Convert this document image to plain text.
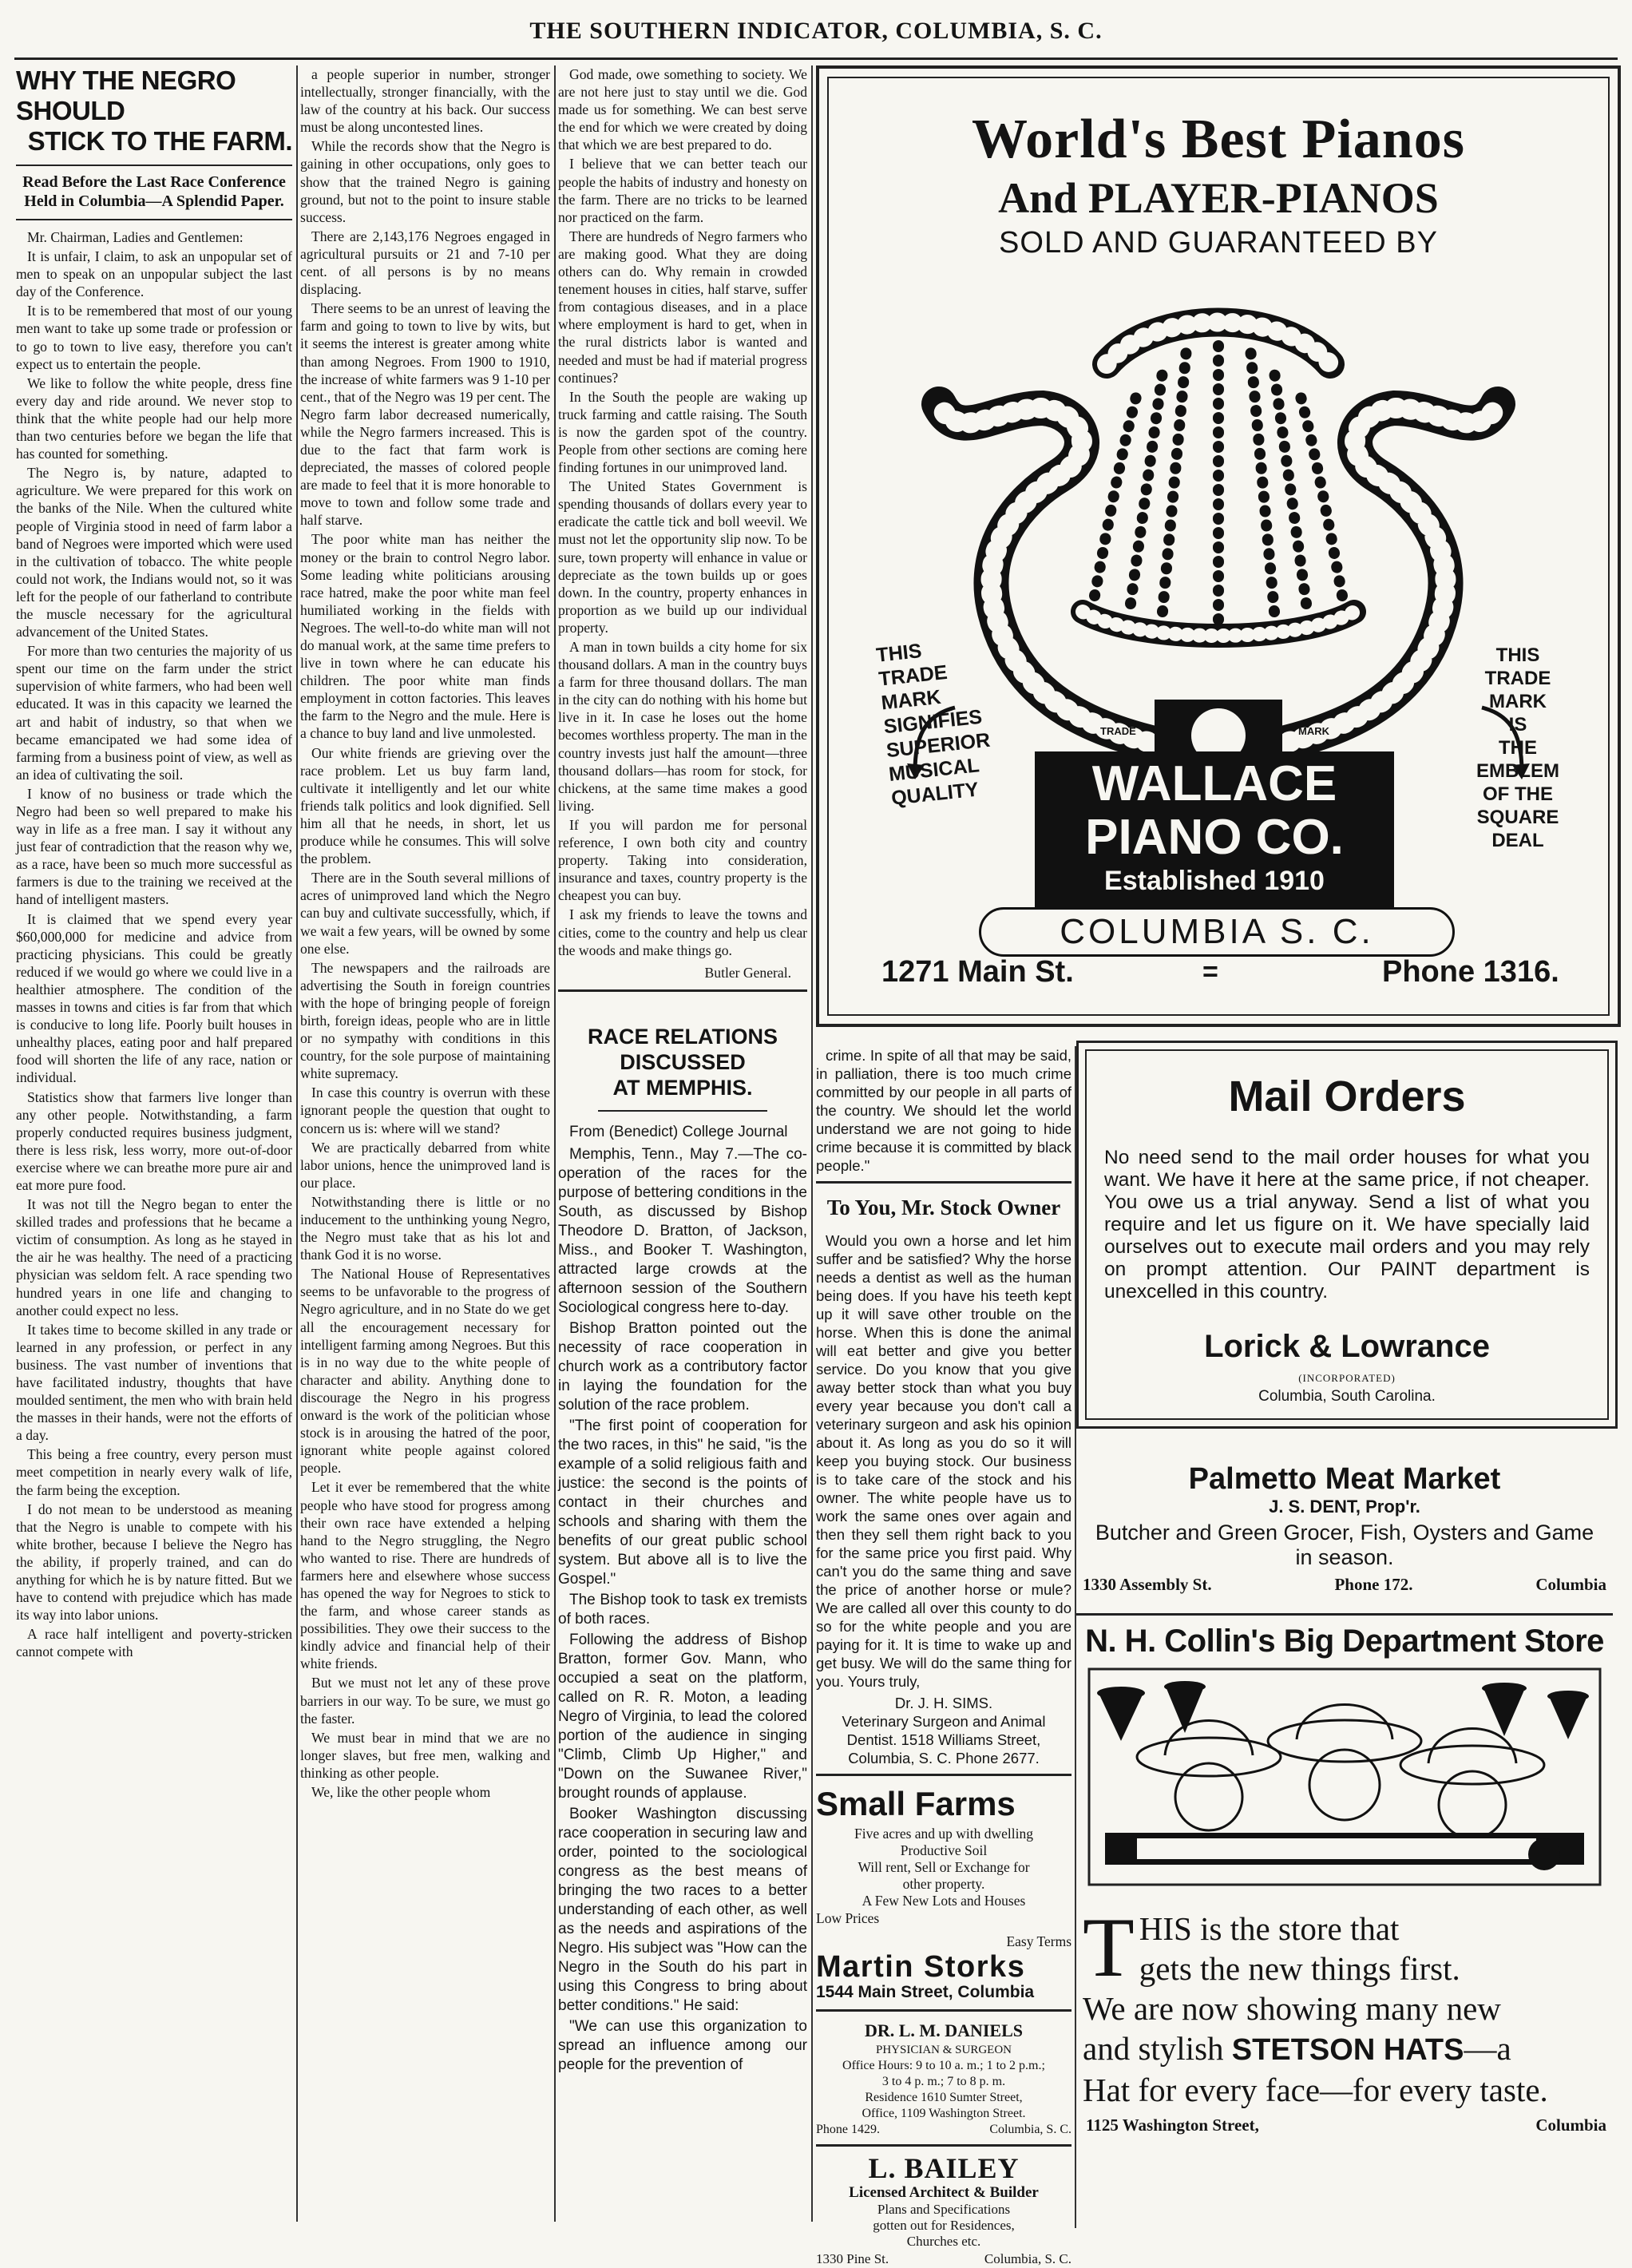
THE SOUTHERN INDICATOR, COLUMBIA, S. C.
WHY THE NEGRO SHOULD
STICK TO THE FARM.
Read Before the Last Race Conference Held in Columbia—A Splendid Paper.

Mr. Chairman, Ladies and Gentlemen:

It is unfair, I claim, to ask an unpopular set of men to speak on an unpopular subject the last day of the Conference.

It is to be remembered that most of our young men want to take up some trade or profession or to go to town to live easy, therefore you can't expect us to entertain the people.

We like to follow the white people, dress fine every day and ride around. We never stop to think that the white people had our help more than two centuries before we began the life that has counted for something.

The Negro is, by nature, adapted to agriculture. We were prepared for this work on the banks of the Nile. When the cultured white people of Virginia stood in need of farm labor a band of Negroes were imported which were used in the cultivation of tobacco. The white people could not work, the Indians would not, so it was left for the people of our fatherland to contribute the muscle necessary for the agricultural advancement of the United States.

For more than two centuries the majority of us spent our time on the farm under the strict supervision of white farmers, who had been well educated. It was in this capacity we learned the art and habit of industry, so that when we became emancipated we had some idea of farming from a business point of view, as well as an idea of cultivating the soil.

I know of no business or trade which the Negro had been so well prepared to make his way in life as a free man. I say it without any just fear of contradiction that the reason why we, as a race, have been so much more successful as farmers is due to the training we received at the hand of intelligent masters.

It is claimed that we spend every year $60,000,000 for medicine and advice from practicing physicians. This could be greatly reduced if we would go where we could live in a healthier atmosphere. The condition of the masses in towns and cities is far from that which is conducive to long life. Poorly built houses in unhealthy places, eating poor and half prepared food will shorten the life of any race, nation or individual.

Statistics show that farmers live longer than any other people. Notwithstanding, a farm properly conducted requires business judgment, there is less risk, less worry, more out-of-door exercise where we can breathe more pure air and eat more pure food.

It was not till the Negro began to enter the skilled trades and professions that he became a victim of consumption. As long as he stayed in the air he was healthy. The need of a practicing physician was seldom felt. A race spending two hundred years in one life and changing to another could expect no less.

It takes time to become skilled in any trade or learned in any profession, or perfect in any business. The vast number of inventions that have facilitated industry, thoughts that have moulded sentiment, the men who with brain held the masses in their hands, were not the efforts of a day.

This being a free country, every person must meet competition in nearly every walk of life, the farm being the exception.

I do not mean to be understood as meaning that the Negro is unable to compete with his white brother, because I believe the Negro has the ability, if properly trained, and can do anything for which he is by nature fitted. But we have to contend with prejudice which has made its way into labor unions.

A race half intelligent and poverty-stricken cannot compete with

a people superior in number, stronger intellectually, stronger financially, with the law of the country at his back. Our success must be along uncontested lines.

While the records show that the Negro is gaining in other occupations, only goes to show that the trained Negro is gaining ground, but not to the point to insure stable success.

There are 2,143,176 Negroes engaged in agricultural pursuits or 21 and 7-10 per cent. of all persons is by no means displacing.

There seems to be an unrest of leaving the farm and going to town to live by wits, but it seems the interest is greater among white than among Negroes. From 1900 to 1910, the increase of white farmers was 9 1-10 per cent., that of the Negro was 19 per cent. The Negro farm labor decreased numerically, while the Negro farmers increased. This is due to the fact that farm work is depreciated, the masses of colored people are made to feel that it is more honorable to move to town and follow some trade and half starve.

The poor white man has neither the money or the brain to control Negro labor. Some leading white politicians arousing race hatred, make the poor white man feel humiliated working in the fields with Negroes. The well-to-do white man will not do manual work, at the same time prefers to live in town where he can educate his children. The poor white man finds employment in cotton factories. This leaves the farm to the Negro and the mule. Here is a chance to buy land and live unmolested.

Our white friends are grieving over the race problem. Let us buy farm land, cultivate it intelligently and let our white friends talk politics and look dignified. Sell him all that he needs, in short, let us produce while he consumes. This will solve the problem.

There are in the South several millions of acres of unimproved land which the Negro can buy and cultivate successfully, which, if we wait a few years, will be owned by some one else.

The newspapers and the railroads are advertising the South in foreign countries with the hope of bringing people of foreign birth, foreign ideas, people who are in little or no sympathy with conditions in this country, for the sole purpose of maintaining white supremacy.

In case this country is overrun with these ignorant people the question that ought to concern us is: where will we stand?

We are practically debarred from white labor unions, hence the unimproved land is our place.

Notwithstanding there is little or no inducement to the unthinking young Negro, the Negro must take that as his lot and thank God it is no worse.

The National House of Representatives seems to be unfavorable to the progress of Negro agriculture, and in no State do we get all the encouragement necessary for intelligent farming among Negroes. But this is in no way due to the white people of character and ability. Anything done to discourage the Negro in his progress onward is the work of the politician whose stock is in arousing the hatred of the poor, ignorant white people against colored people.

Let it ever be remembered that the white people who have stood for progress among their own race have extended a helping hand to the Negro struggling, the Negro who wanted to rise. There are hundreds of farmers here and elsewhere whose success has opened the way for Negroes to stick to the farm, and whose career stands as possibilities. They owe their success to the kindly advice and financial help of their white friends.

But we must not let any of these prove barriers in our way. To be sure, we must go the faster.

We must bear in mind that we are no longer slaves, but free men, walking and thinking as other people.

We, like the other people whom

God made, owe something to society. We are not here just to stay until we die. God made us for something. We can best serve the end for which we were created by doing that which we are best prepared to do.

I believe that we can better teach our people the habits of industry and honesty on the farm. There are no tricks to be learned nor practiced on the farm.

There are hundreds of Negro farmers who are making good. What they are doing others can do. Why remain in crowded tenement houses in cities, half starve, suffer from contagious diseases, and in a place where employment is hard to get, when in the rural districts labor is wanted and needed and must be had if material progress continues?

In the South the people are waking up truck farming and cattle raising. The South is now the garden spot of the country. People from other sections are coming here finding fortunes in our unimproved land.

The United States Government is spending thousands of dollars every year to eradicate the cattle tick and boll weevil. We must not let the opportunity slip now. To be sure, town property will enhance in value or depreciate as the town builds up or goes down. In the country, property enhances in proportion as we build up our individual property.

A man in town builds a city home for six thousand dollars. A man in the country buys a farm for three thousand dollars. The man in the city can do nothing with his home but live in it. In case he loses out the home becomes worthless property. The man in the country invests just half the amount—three thousand dollars—has room for stock, for chickens, at the same time makes a good living.

If you will pardon me for personal reference, I own both city and country property. Taking into consideration, insurance and taxes, country property is the cheapest you can buy.

I ask my friends to leave the towns and cities, come to the country and help us clear the woods and make things go.

Butler General.
RACE RELATIONS DISCUSSED
AT MEMPHIS.

From (Benedict) College Journal

Memphis, Tenn., May 7.—The co-operation of the races for the purpose of bettering conditions in the South, as discussed by Bishop Theodore D. Bratton, of Jackson, Miss., and Booker T. Washington, attracted large crowds at the afternoon session of the Southern Sociological congress here to-day.

Bishop Bratton pointed out the necessity of race cooperation in church work as a contributory factor in laying the foundation for the solution of the race problem.

"The first point of cooperation for the two races, in this" he said, "is the example of a solid religious faith and justice: the second is the points of contact in their churches and schools and sharing with them the benefits of our great public school system. But above all is to live the Gospel."

The Bishop took to task ex tremists of both races.

Following the address of Bishop Bratton, former Gov. Mann, who occupied a seat on the platform, called on R. R. Moton, a leading Negro of Virginia, to lead the colored portion of the audience in singing "Climb, Climb Up Higher," and "Down on the Suwanee River," brought rounds of applause.

Booker Washington discussing race cooperation in securing law and order, pointed to the sociological congress as the best means of bringing the two races to a better understanding of each other, as well as the needs and aspirations of the Negro. His subject was "How can the Negro in the South do his part in using this Congress to bring about better conditions." He said:

"We can use this organization to spread an influence among our people for the prevention of

crime. In spite of all that may be said, in palliation, there is too much crime committed by our people in all parts of the country. We should let the world understand we are not going to hide crime because it is committed by black people."

To You, Mr. Stock Owner

Would you own a horse and let him suffer and be satisfied? Why the horse needs a dentist as well as the human being does. If you have his teeth kept up it will save other trouble on the horse. When this is done the animal will eat better and give you better service. Do you know that you give away better stock than what you buy every year because you don't call a veterinary surgeon and ask his opinion about it. As long as you do so it will keep you buying stock. Our business is to take care of the stock and his owner. The white people have us to work the same ones over again and then they sell them right back to you for the same price you first paid. Why can't you do the same thing and save the price of another horse or mule? We are called all over this county to do so for the white people and you are paying for it. It is time to wake up and get busy. We will do the same thing for you. Yours truly,

Dr. J. H. SIMS.
Veterinary Surgeon and Animal
Dentist. 1518 Williams Street,
Columbia, S. C. Phone 2677.
Small Farms
Five acres and up with dwelling
Productive Soil
Will rent, Sell or Exchange for
other property.
A Few New Lots and Houses
Low Prices
Easy Terms
Martin Storks
1544 Main Street, Columbia
DR. L. M. DANIELS
PHYSICIAN & SURGEON
Office Hours: 9 to 10 a. m.; 1 to 2 p.m.;
3 to 4 p. m.; 7 to 8 p. m.
Residence 1610 Sumter Street,
Office, 1109 Washington Street.
Phone 1429.	Columbia, S. C.
L. BAILEY
Licensed Architect & Builder
Plans and Specifications
gotten out for Residences,
Churches etc.
1330 Pine St.	Columbia, S. C.
World's Best Pianos
And PLAYER-PIANOS
SOLD AND GUARANTEED BY
TRADE	MARK
THIS
TRADE
MARK
SIGNIFIES
SUPERIOR
MUSICAL
QUALITY
THIS
TRADE
MARK
IS
THE
EMBLEM
OF THE
SQUARE
DEAL
WALLACE
PIANO CO.
Established 1910
COLUMBIA S. C.
1271 Main St.	=	Phone 1316.
Mail Orders
No need send to the mail order houses for what you want. We have it here at the same price, if not cheaper. You owe us a trial anyway. Send a list of what you require and let us figure on it. We have specially laid ourselves out to execute mail orders and you may rely on prompt attention. Our PAINT department is unexcelled in this country.
Lorick & Lowrance
(INCORPORATED)
Columbia, South Carolina.
Palmetto Meat Market
J. S. DENT, Prop'r.
Butcher and Green Grocer, Fish, Oysters and Game in season.
1330 Assembly St.	Phone 172.	Columbia
N. H. Collin's Big Department Store
T HIS is the store that
gets the new things first.
We are now showing many new
and stylish STETSON HATS—a
Hat for every face—for every taste.
1125 Washington Street,	Columbia
